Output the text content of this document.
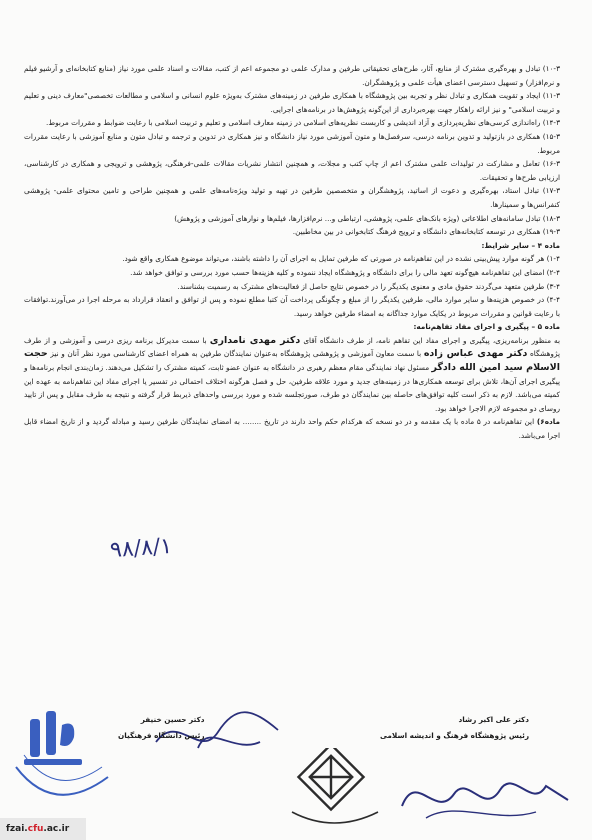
۱۰-۳) تبادل و بهره‌گیری مشترک از منابع، آثار، طرح‌های تحقیقاتی طرفین و مدارک علمی دو مجموعه اعم از کتب، مقالات و اسناد علمی مورد نیاز (منابع کتابخانه‌ای و آرشیو فیلم و نرم‌افزار) و تسهیل دسترسی اعضای هیأت علمی و پژوهشگران.

۱۱-۳) ایجاد و تقویت همکاری و تبادل نظر و تجربه بین پژوهشگاه با همکاری طرفین در زمینه‌های مشترک به‌ویژه علوم انسانی و اسلامی و مطالعات تخصصی"معارف دینی و تعلیم و تربیت اسلامی" و نیز ارائه راهکار جهت بهره‌برداری از این‌گونه پژوهش‌ها در برنامه‌های اجرایی.

۱۴-۳) راه‌اندازی کرسی‌های نظریه‌پردازی و آزاد اندیشی و کاربست نظریه‌های اسلامی در زمینه معارف اسلامی و تعلیم و تربیت اسلامی با رعایت ضوابط و مقررات مربوط.

۱۵-۳) همکاری در بازتولید و تدوین برنامه درسی، سرفصل‌ها و متون آموزشی مورد نیاز دانشگاه و نیز همکاری در تدوین و ترجمه و تبادل متون و منابع آموزشی با رعایت مقررات مربوط.

۱۶-۳) تعامل و مشارکت در تولیدات علمی مشترک اعم از چاپ کتب و مجلات، و همچنین انتشار نشریات مقالات علمی‌-فرهنگی، پژوهشی و ترویجی و همکاری در کارشناسی، ارزیابی طرح‌ها و تحقیقات.

۱۷-۳) تبادل استاد، بهره‌گیری و دعوت از اساتید، پژوهشگران و متخصصین طرفین در تهیه و تولید ویژه‌نامه‌های علمی و همچنین طراحی و تامین محتوای علمی- پژوهشی کنفرانس‌ها و سمینارها.

۱۸-۳) تبادل سامانه‌های اطلاعاتی (ویژه بانک‌های علمی، پژوهشی، ارتباطی و... نرم‌افزارها، فیلم‌ها و نوارهای آموزشی و پژوهش)

۱۹-۳) همکاری در توسعه کتابخانه‌های دانشگاه و ترویج فرهنگ کتابخوانی در بین مخاطبین.

ماده ۴ – سایر شرایط:

۱-۴) هر گونه موارد پیش‌بینی نشده در این تفاهم‌نامه در صورتی که طرفین تمایل به اجرای آن را داشته باشند، می‌تواند موضوع همکاری واقع شود.

۲-۴) امضای این تفاهم‌نامه هیچ‌گونه تعهد مالی را برای دانشگاه و پژوهشگاه ایجاد ننموده و کلیه هزینه‌ها حسب مورد بررسی و توافق خواهد شد.

۳-۴) طرفین متعهد می‌گردند حقوق مادی و معنوی یکدیگر را در خصوص نتایج حاصل از فعالیت‌های مشترک به رسمیت بشناسند.

۴-۴) در خصوص هزینه‌ها و سایر موارد مالی، طرفین یکدیگر را از مبلغ و چگونگی پرداخت آن کتبا مطلع نموده و پس از توافق و انعقاد قرارداد به مرحله اجرا در می‌آورند.توافقات با رعایت قوانین و مقررات مربوط در یکایک موارد جداگانه به امضاء طرفین خواهد رسید.

ماده ۵ – پیگیری و اجرای مفاد تفاهم‌نامه:

به منظور برنامه‌ریزی، پیگیری و اجرای مفاد این تفاهم نامه، از طرف دانشگاه آقای دکتر مهدی نامداری با سمت مدیرکل برنامه ریزی درسی و آموزشی و از طرف پژوهشگاه دکتر مهدی عباس زاده با سمت معاون آموزشی و پژوهشی پژوهشگاه به‌عنوان نمایندگان طرفین به همراه اعضای کارشناسی مورد نظر آنان و نیز حجت الاسلام سید امین الله دادگر مسئول نهاد نمایندگی مقام معظم رهبری در دانشگاه به عنوان عضو ثابت، کمیته مشترک را تشکیل می‌دهند. زمان‌بندی انجام برنامه‌ها و پیگیری اجرای آن‌ها، تلاش برای توسعه همکاری‌ها در زمینه‌های جدید و مورد علاقه طرفین، حل و فصل هرگونه اختلاف احتمالی در تفسیر یا اجرای مفاد این تفاهم‌نامه به عهده این کمیته می‌باشد. لازم به ذکر است کلیه توافق‌های حاصله بین نمایندگان دو طرف، صورتجلسه شده و مورد بررسی واحدهای ذیربط قرار گرفته و نتیجه به طرف مقابل و پس از تایید روسای دو مجموعه لازم الاجرا خواهد بود.

ماده۶) این تفاهم‌نامه در ۵ ماده با یک مقدمه و در دو نسخه که هرکدام حکم واحد دارند در تاریخ ........ به امضای نمایندگان طرفین رسید و مبادله گردید و از تاریخ امضاء قابل اجرا می‌باشد.

۹۸/۸/۱
دکتر حسین خنیفر
رئیس دانشگاه فرهنگیان
دکتر علی اکبر رشاد
رئیس پژوهشگاه فرهنگ و اندیشه اسلامی
fzai.cfu.ac.ir
